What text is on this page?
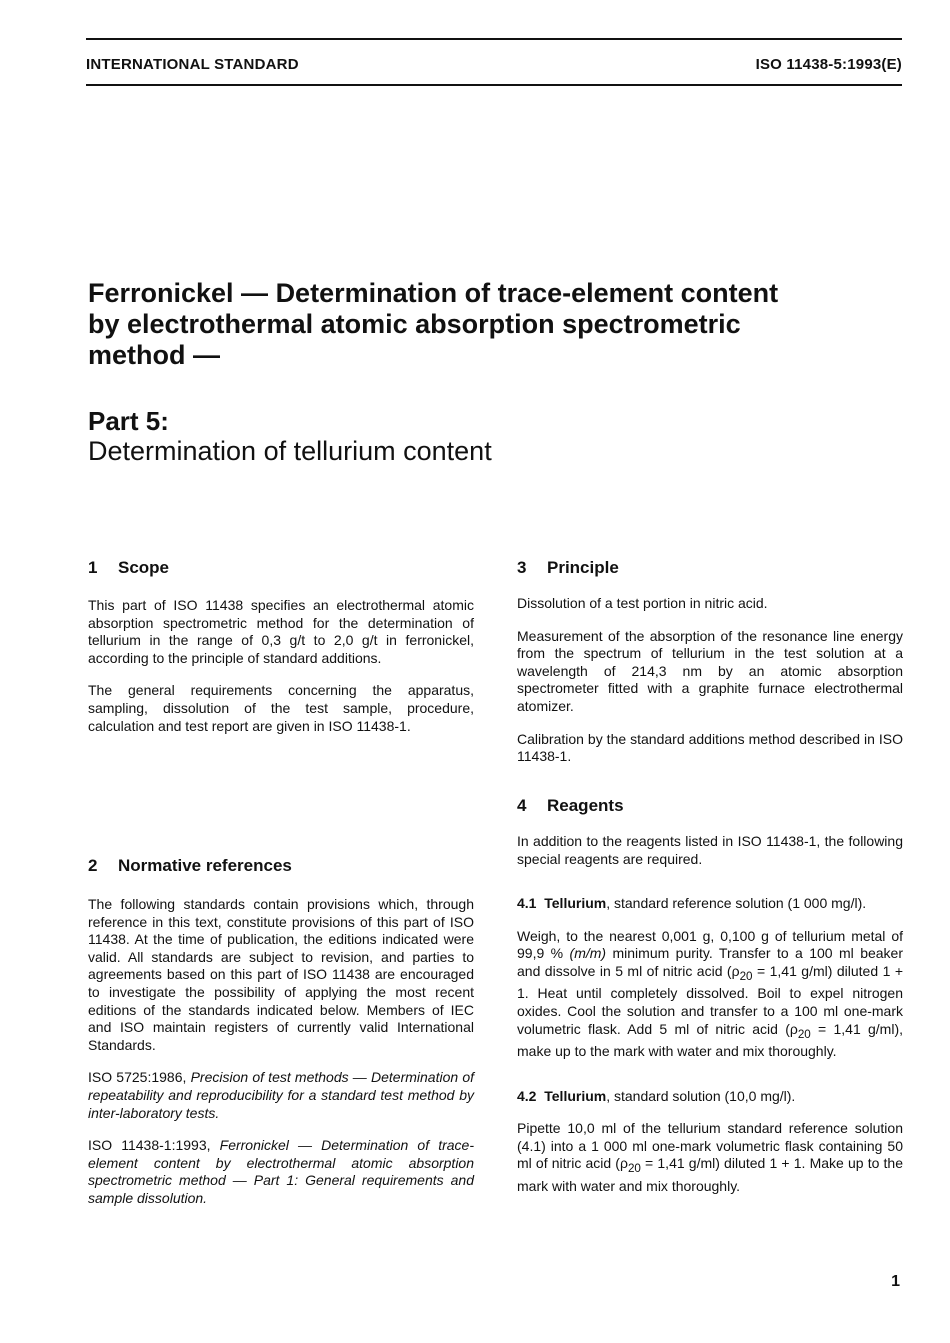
INTERNATIONAL STANDARD	ISO 11438-5:1993(E)
Ferronickel — Determination of trace-element content
by electrothermal atomic absorption spectrometric
method —
Part 5:
Determination of tellurium content
1 Scope

This part of ISO 11438 specifies an electrothermal atomic absorption spectrometric method for the determination of tellurium in the range of 0,3 g/t to 2,0 g/t in ferronickel, according to the principle of standard additions.

The general requirements concerning the apparatus, sampling, dissolution of the test sample, procedure, calculation and test report are given in ISO 11438-1.

2 Normative references

The following standards contain provisions which, through reference in this text, constitute provisions of this part of ISO 11438. At the time of publication, the editions indicated were valid. All standards are subject to revision, and parties to agreements based on this part of ISO 11438 are encouraged to investigate the possibility of applying the most recent editions of the standards indicated below. Members of IEC and ISO maintain registers of currently valid International Standards.

ISO 5725:1986, Precision of test methods — Determination of repeatability and reproducibility for a standard test method by inter-laboratory tests.

ISO 11438-1:1993, Ferronickel — Determination of trace-element content by electrothermal atomic absorption spectrometric method — Part 1: General requirements and sample dissolution.

3 Principle

Dissolution of a test portion in nitric acid.

Measurement of the absorption of the resonance line energy from the spectrum of tellurium in the test solution at a wavelength of 214,3 nm by an atomic absorption spectrometer fitted with a graphite furnace electrothermal atomizer.

Calibration by the standard additions method described in ISO 11438-1.

4 Reagents

In addition to the reagents listed in ISO 11438-1, the following special reagents are required.

4.1 Tellurium, standard reference solution (1 000 mg/l).

Weigh, to the nearest 0,001 g, 0,100 g of tellurium metal of 99,9 % (m/m) minimum purity. Transfer to a 100 ml beaker and dissolve in 5 ml of nitric acid ($\rho_{20} = 1,41$ g/ml) diluted 1 + 1. Heat until completely dissolved. Boil to expel nitrogen oxides. Cool the solution and transfer to a 100 ml one-mark volumetric flask. Add 5 ml of nitric acid ($\rho_{20} = 1,41$ g/ml), make up to the mark with water and mix thoroughly.

4.2 Tellurium, standard solution (10,0 mg/l).

Pipette 10,0 ml of the tellurium standard reference solution (4.1) into a 1 000 ml one-mark volumetric flask containing 50 ml of nitric acid ($\rho_{20} = 1,41$ g/ml) diluted 1 + 1. Make up to the mark with water and mix thoroughly.

1
